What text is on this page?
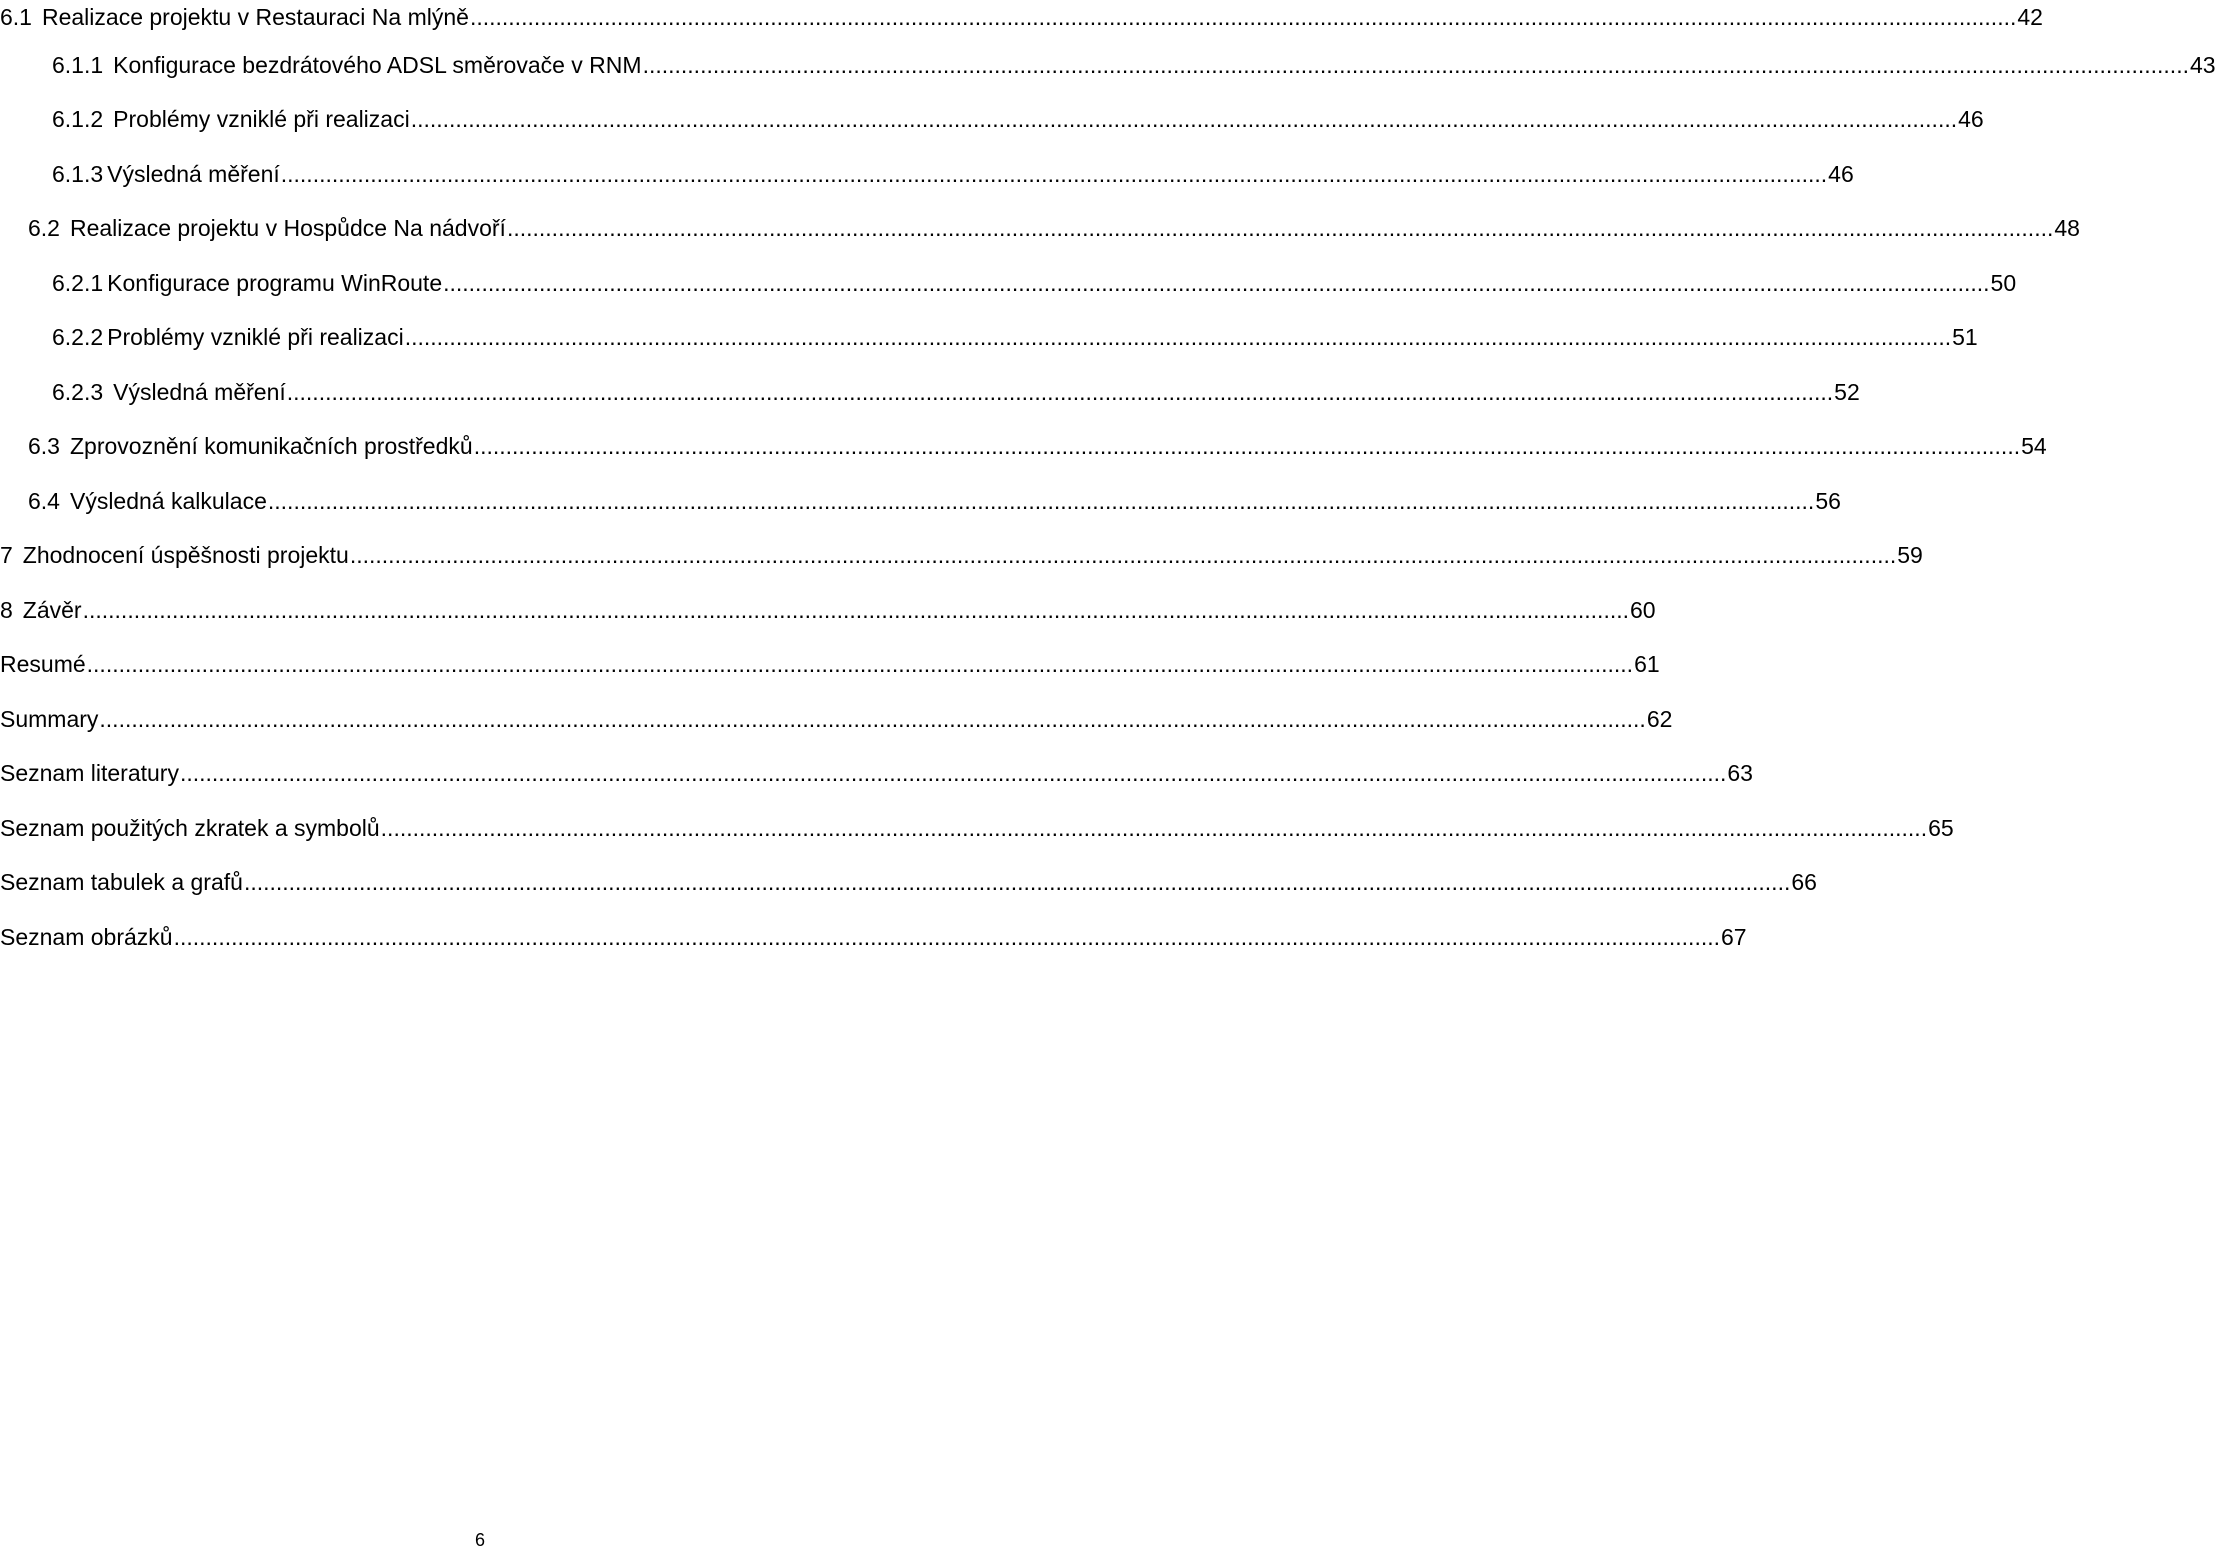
6.1 Realizace projektu v Restauraci Na mlýně .....	42
6.1.1 Konfigurace bezdrátového ADSL směrovače v RNM .....	43
6.1.2 Problémy vzniklé při realizaci .....	46
6.1.3 Výsledná měření .....	46
6.2 Realizace projektu v Hospůdce Na nádvoří .....	48
6.2.1 Konfigurace programu WinRoute .....	50
6.2.2 Problémy vzniklé při realizaci .....	51
6.2.3 Výsledná měření .....	52
6.3 Zprovoznění komunikačních prostředků .....	54
6.4 Výsledná kalkulace .....	56
7 Zhodnocení úspěšnosti projektu .....	59
8 Závěr .....	60
Resumé .....	61
Summary .....	62
Seznam literatury .....	63
Seznam použitých zkratek a symbolů .....	65
Seznam tabulek a grafů .....	66
Seznam obrázků .....	67
6
